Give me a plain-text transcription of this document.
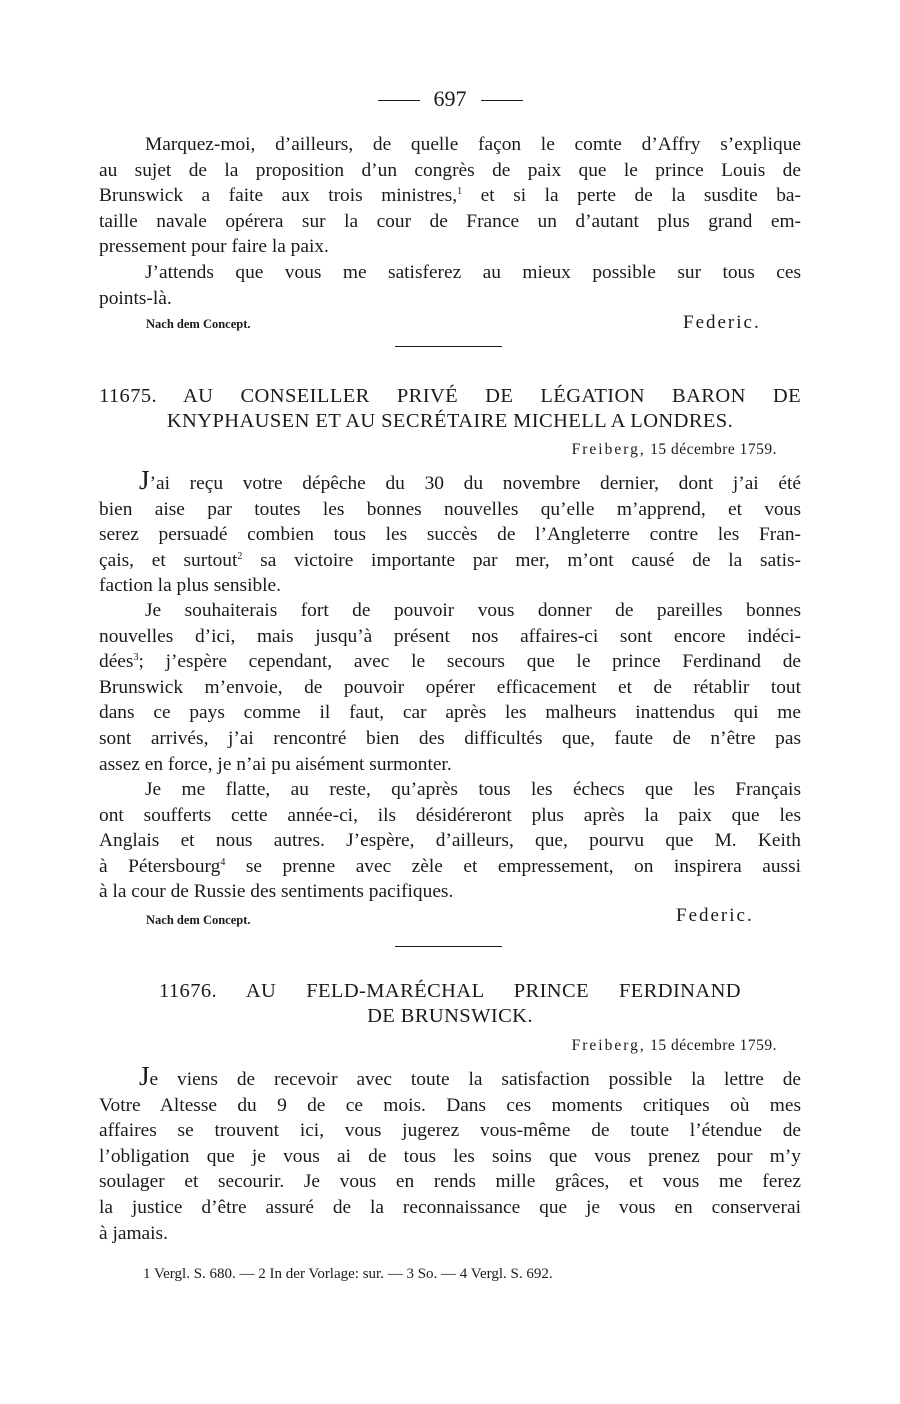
697
Marquez-moi, d’ailleurs, de quelle façon le comte d’Affry s’explique
au sujet de la proposition d’un congrès de paix que le prince Louis de
Brunswick a faite aux trois ministres,$^1$ et si la perte de la susdite ba-
taille navale opérera sur la cour de France un d’autant plus grand em-
pressement pour faire la paix.
J’attends que vous me satisferez au mieux possible sur tous ces
points-là.
Nach dem Concept.	Federic.
11675. AU CONSEILLER PRIVÉ DE LÉGATION BARON DE
KNYPHAUSEN ET AU SECRÉTAIRE MICHELL A LONDRES.
Freiberg, 15 décembre 1759.
J’ai reçu votre dépêche du 30 du novembre dernier, dont j’ai été
bien aise par toutes les bonnes nouvelles qu’elle m’apprend, et vous
serez persuadé combien tous les succès de l’Angleterre contre les Fran-
çais, et surtout$^2$ sa victoire importante par mer, m’ont causé de la satis-
faction la plus sensible.
Je souhaiterais fort de pouvoir vous donner de pareilles bonnes
nouvelles d’ici, mais jusqu’à présent nos affaires-ci sont encore indéci-
dées$^3$; j’espère cependant, avec le secours que le prince Ferdinand de
Brunswick m’envoie, de pouvoir opérer efficacement et de rétablir tout
dans ce pays comme il faut, car après les malheurs inattendus qui me
sont arrivés, j’ai rencontré bien des difficultés que, faute de n’être pas
assez en force, je n’ai pu aisément surmonter.
Je me flatte, au reste, qu’après tous les échecs que les Français
ont soufferts cette année-ci, ils désidéreront plus après la paix que les
Anglais et nous autres. J’espère, d’ailleurs, que, pourvu que M. Keith
à Pétersbourg$^4$ se prenne avec zèle et empressement, on inspirera aussi
à la cour de Russie des sentiments pacifiques.
Nach dem Concept.	Federic.
11676. AU FELD-MARÉCHAL PRINCE FERDINAND
DE BRUNSWICK.
Freiberg, 15 décembre 1759.
Je viens de recevoir avec toute la satisfaction possible la lettre de
Votre Altesse du 9 de ce mois. Dans ces moments critiques où mes
affaires se trouvent ici, vous jugerez vous-même de toute l’étendue de
l’obligation que je vous ai de tous les soins que vous prenez pour m’y
soulager et secourir. Je vous en rends mille grâces, et vous me ferez
la justice d’être assuré de la reconnaissance que je vous en conserverai
à jamais.
1 Vergl. S. 680. — 2 In der Vorlage: sur. — 3 So. — 4 Vergl. S. 692.
